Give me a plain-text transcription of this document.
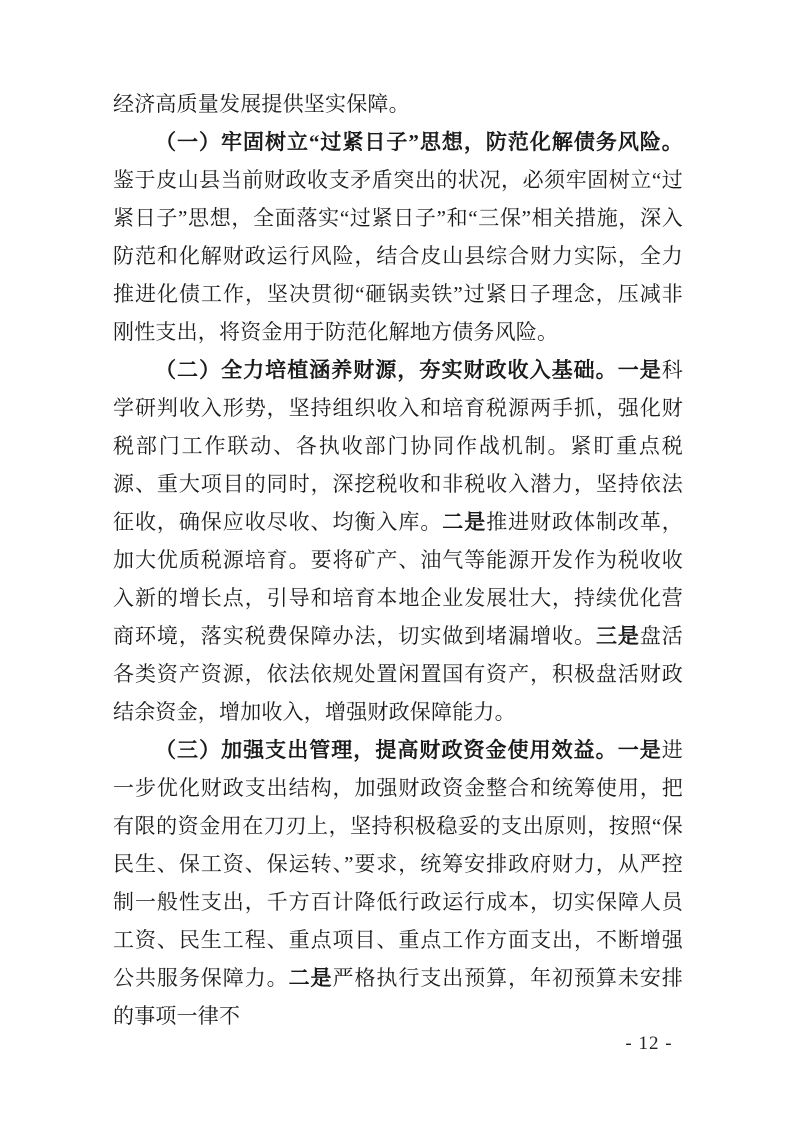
经济高质量发展提供坚实保障。

（一）牢固树立“过紧日子”思想，防范化解债务风险。鉴于皮山县当前财政收支矛盾突出的状况，必须牢固树立“过紧日子”思想，全面落实“过紧日子”和“三保”相关措施，深入防范和化解财政运行风险，结合皮山县综合财力实际，全力推进化债工作，坚决贯彻“砸锅卖铁”过紧日子理念，压减非刚性支出，将资金用于防范化解地方债务风险。

（二）全力培植涵养财源，夯实财政收入基础。一是科学研判收入形势，坚持组织收入和培育税源两手抓，强化财税部门工作联动、各执收部门协同作战机制。紧盯重点税源、重大项目的同时，深挖税收和非税收入潜力，坚持依法征收，确保应收尽收、均衡入库。二是推进财政体制改革，加大优质税源培育。要将矿产、油气等能源开发作为税收收入新的增长点，引导和培育本地企业发展壮大，持续优化营商环境，落实税费保障办法，切实做到堵漏增收。三是盘活各类资产资源，依法依规处置闲置国有资产，积极盘活财政结余资金，增加收入，增强财政保障能力。

（三）加强支出管理，提高财政资金使用效益。一是进一步优化财政支出结构，加强财政资金整合和统筹使用，把有限的资金用在刀刃上，坚持积极稳妥的支出原则，按照“保民生、保工资、保运转、”要求，统筹安排政府财力，从严控制一般性支出，千方百计降低行政运行成本，切实保障人员工资、民生工程、重点项目、重点工作方面支出，不断增强公共服务保障力。二是严格执行支出预算，年初预算未安排的事项一律不

- 12 -
